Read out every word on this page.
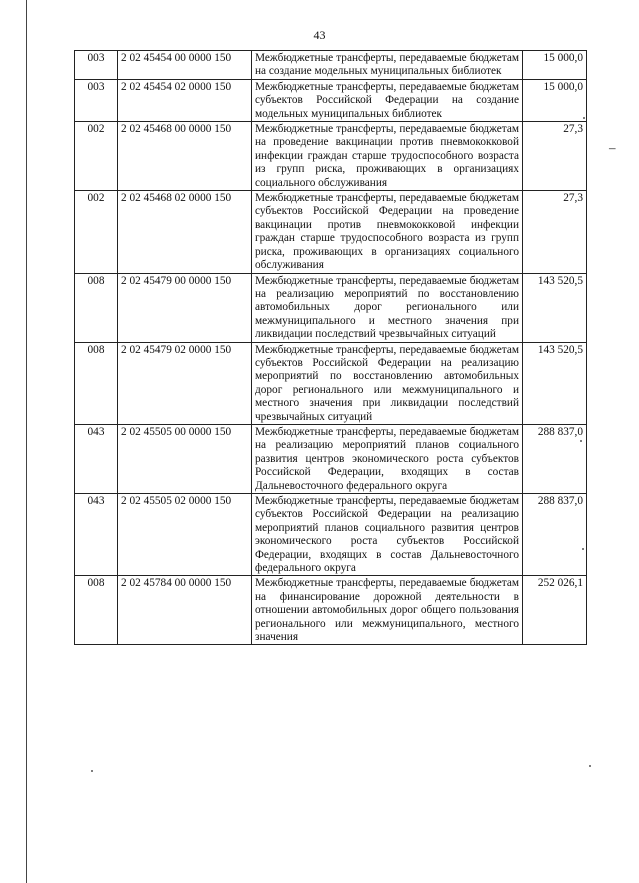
43
–
003	2 02 45454 00 0000 150	Межбюджетные трансферты, передаваемые бюджетам на создание модельных муниципальных библиотек	15 000,0
003	2 02 45454 02 0000 150	Межбюджетные трансферты, передаваемые бюджетам субъектов Российской Федерации на создание модельных муниципальных библиотек	15 000,0
002	2 02 45468 00 0000 150	Межбюджетные трансферты, передаваемые бюджетам на проведение вакцинации против пневмококковой инфекции граждан старше трудоспособного возраста из групп риска, проживающих в организациях социального обслуживания	27,3
002	2 02 45468 02 0000 150	Межбюджетные трансферты, передаваемые бюджетам субъектов Российской Федерации на проведение вакцинации против пневмококковой инфекции граждан старше трудоспособного возраста из групп риска, проживающих в организациях социального обслуживания	27,3
008	2 02 45479 00 0000 150	Межбюджетные трансферты, передаваемые бюджетам на реализацию мероприятий по восстановлению автомобильных дорог регионального или межмуниципального и местного значения при ликвидации последствий чрезвычайных ситуаций	143 520,5
008	2 02 45479 02 0000 150	Межбюджетные трансферты, передаваемые бюджетам субъектов Российской Федерации на реализацию мероприятий по восстановлению автомобильных дорог регионального или межмуниципального и местного значения при ликвидации последствий чрезвычайных ситуаций	143 520,5
043	2 02 45505 00 0000 150	Межбюджетные трансферты, передаваемые бюджетам на реализацию мероприятий планов социального развития центров экономического роста субъектов Российской Федерации, входящих в состав Дальневосточного федерального округа	288 837,0
043	2 02 45505 02 0000 150	Межбюджетные трансферты, передаваемые бюджетам субъектов Российской Федерации на реализацию мероприятий планов социального развития центров экономического роста субъектов Российской Федерации, входящих в состав Дальневосточного федерального округа	288 837,0
008	2 02 45784 00 0000 150	Межбюджетные трансферты, передаваемые бюджетам на финансирование дорожной деятельности в отношении автомобильных дорог общего пользования регионального или межмуниципального, местного значения	252 026,1
